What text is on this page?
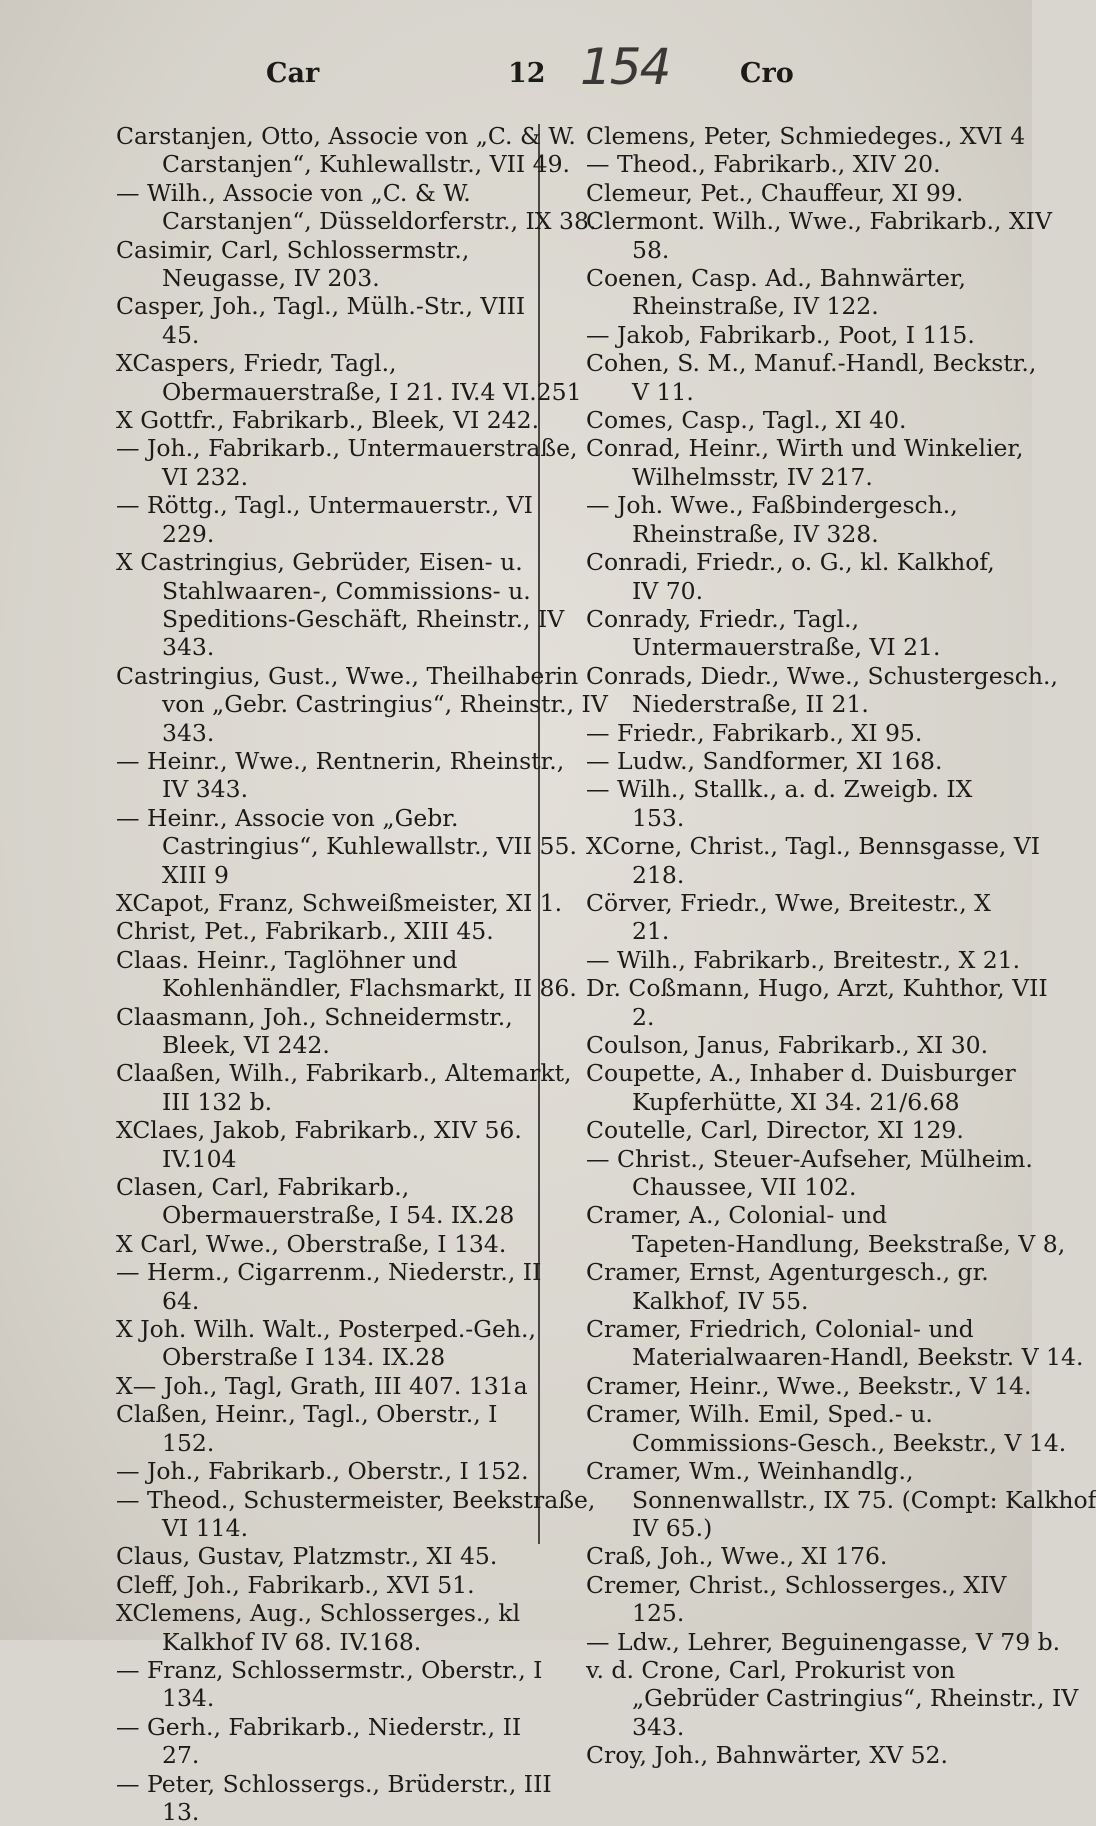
Car	12 154	Cro
Carstanjen, Otto, Associe von „C. & W.
Carstanjen“, Kuhlewallstr., VII 49.
— Wilh., Associe von „C. & W.
Carstanjen“, Düsseldorferstr., IX 38.
Casimir, Carl, Schlossermstr.,
Neugasse, IV 203.
Casper, Joh., Tagl., Mülh.-Str., VIII
45.
XCaspers, Friedr, Tagl.,
Obermauerstraße, I 21. IV.4 VI.251
X Gottfr., Fabrikarb., Bleek, VI 242.
— Joh., Fabrikarb., Untermauerstraße,
VI 232.
— Röttg., Tagl., Untermauerstr., VI
229.
X Castringius, Gebrüder, Eisen- u.
Stahlwaaren-, Commissions- u.
Speditions-Geschäft, Rheinstr., IV
343.
Castringius, Gust., Wwe., Theilhaberin
von „Gebr. Castringius“, Rheinstr., IV
343.
— Heinr., Wwe., Rentnerin, Rheinstr.,
IV 343.
— Heinr., Associe von „Gebr.
Castringius“, Kuhlewallstr., VII 55.
XIII 9
XCapot, Franz, Schweißmeister, XI 1.
Christ, Pet., Fabrikarb., XIII 45.
Claas. Heinr., Taglöhner und
Kohlenhändler, Flachsmarkt, II 86.
Claasmann, Joh., Schneidermstr.,
Bleek, VI 242.
Claaßen, Wilh., Fabrikarb., Altemarkt,
III 132 b.
XClaes, Jakob, Fabrikarb., XIV 56.
IV.104
Clasen, Carl, Fabrikarb.,
Obermauerstraße, I 54. IX.28
X Carl, Wwe., Oberstraße, I 134.
— Herm., Cigarrenm., Niederstr., II
64.
X Joh. Wilh. Walt., Posterped.-Geh.,
Oberstraße I 134. IX.28
X— Joh., Tagl, Grath, III 407. 131a
Claßen, Heinr., Tagl., Oberstr., I
152.
— Joh., Fabrikarb., Oberstr., I 152.
— Theod., Schustermeister, Beekstraße,
VI 114.
Claus, Gustav, Platzmstr., XI 45.
Cleff, Joh., Fabrikarb., XVI 51.
XClemens, Aug., Schlosserges., kl
Kalkhof IV 68. IV.168.
— Franz, Schlossermstr., Oberstr., I
134.
— Gerh., Fabrikarb., Niederstr., II
27.
— Peter, Schlossergs., Brüderstr., III
13.
Clemens, Peter, Schmiedeges., XVI 4
— Theod., Fabrikarb., XIV 20.
Clemeur, Pet., Chauffeur, XI 99.
Clermont. Wilh., Wwe., Fabrikarb., XIV
58.
Coenen, Casp. Ad., Bahnwärter,
Rheinstraße, IV 122.
— Jakob, Fabrikarb., Poot, I 115.
Cohen, S. M., Manuf.-Handl, Beckstr.,
V 11.
Comes, Casp., Tagl., XI 40.
Conrad, Heinr., Wirth und Winkelier,
Wilhelmsstr, IV 217.
— Joh. Wwe., Faßbindergesch.,
Rheinstraße, IV 328.
Conradi, Friedr., o. G., kl. Kalkhof,
IV 70.
Conrady, Friedr., Tagl.,
Untermauerstraße, VI 21.
Conrads, Diedr., Wwe., Schustergesch.,
Niederstraße, II 21.
— Friedr., Fabrikarb., XI 95.
— Ludw., Sandformer, XI 168.
— Wilh., Stallk., a. d. Zweigb. IX
153.
XCorne, Christ., Tagl., Bennsgasse, VI
218.
Cörver, Friedr., Wwe, Breitestr., X
21.
— Wilh., Fabrikarb., Breitestr., X 21.
Dr. Coßmann, Hugo, Arzt, Kuhthor, VII
2.
Coulson, Janus, Fabrikarb., XI 30.
Coupette, A., Inhaber d. Duisburger
Kupferhütte, XI 34. 21/6.68
Coutelle, Carl, Director, XI 129.
— Christ., Steuer-Aufseher, Mülheim.
Chaussee, VII 102.
Cramer, A., Colonial- und
Tapeten-Handlung, Beekstraße, V 8,
Cramer, Ernst, Agenturgesch., gr.
Kalkhof, IV 55.
Cramer, Friedrich, Colonial- und
Materialwaaren-Handl, Beekstr. V 14.
Cramer, Heinr., Wwe., Beekstr., V 14.
Cramer, Wilh. Emil, Sped.- u.
Commissions-Gesch., Beekstr., V 14.
Cramer, Wm., Weinhandlg.,
Sonnenwallstr., IX 75. (Compt: Kalkhof
IV 65.)
Craß, Joh., Wwe., XI 176.
Cremer, Christ., Schlosserges., XIV
125.
— Ldw., Lehrer, Beguinengasse, V 79 b.
v. d. Crone, Carl, Prokurist von
„Gebrüder Castringius“, Rheinstr., IV
343.
Croy, Joh., Bahnwärter, XV 52.
